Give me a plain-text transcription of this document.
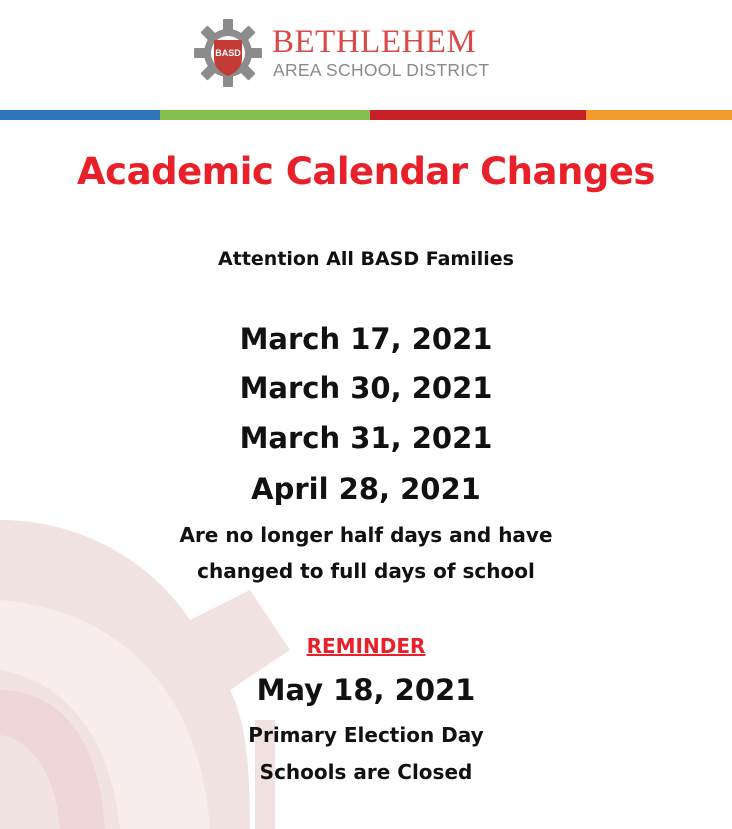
BASD BETHLEHEM
AREA SCHOOL DISTRICT
Academic Calendar Changes
Attention All BASD Families
March 17, 2021
March 30, 2021
March 31, 2021
April 28, 2021
Are no longer half days and have
changed to full days of school
REMINDER
May 18, 2021
Primary Election Day
Schools are Closed
